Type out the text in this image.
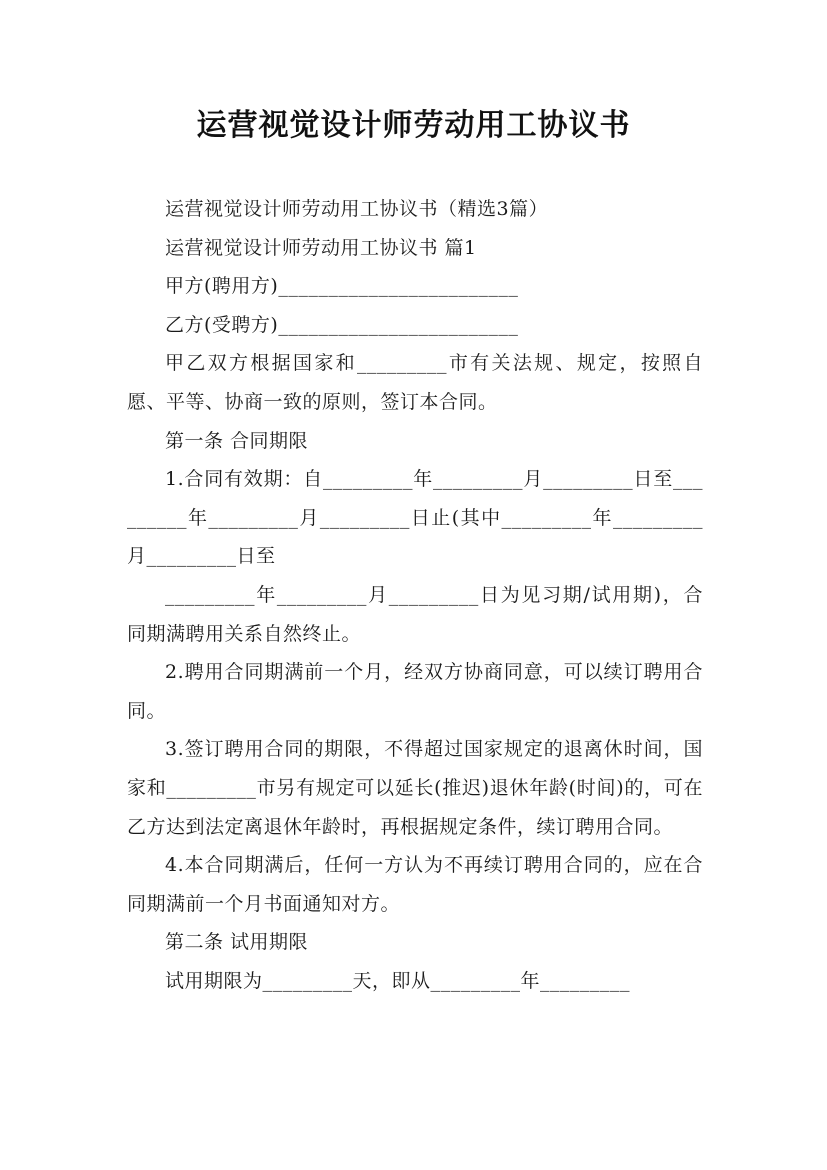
运营视觉设计师劳动用工协议书

运营视觉设计师劳动用工协议书（精选3篇）

运营视觉设计师劳动用工协议书 篇1

甲方(聘用方)________________________

乙方(受聘方)________________________

甲乙双方根据国家和_________市有关法规、规定，按照自愿、平等、协商一致的原则，签订本合同。

第一条 合同期限

1.合同有效期：自_________年_________月_________日至_________年_________月_________日止(其中_________年_________月_________日至

_________年_________月_________日为见习期/试用期)，合同期满聘用关系自然终止。

2.聘用合同期满前一个月，经双方协商同意，可以续订聘用合同。

3.签订聘用合同的期限，不得超过国家规定的退离休时间，国家和_________市另有规定可以延长(推迟)退休年龄(时间)的，可在乙方达到法定离退休年龄时，再根据规定条件，续订聘用合同。

4.本合同期满后，任何一方认为不再续订聘用合同的，应在合同期满前一个月书面通知对方。

第二条 试用期限

试用期限为_________天，即从_________年_________
